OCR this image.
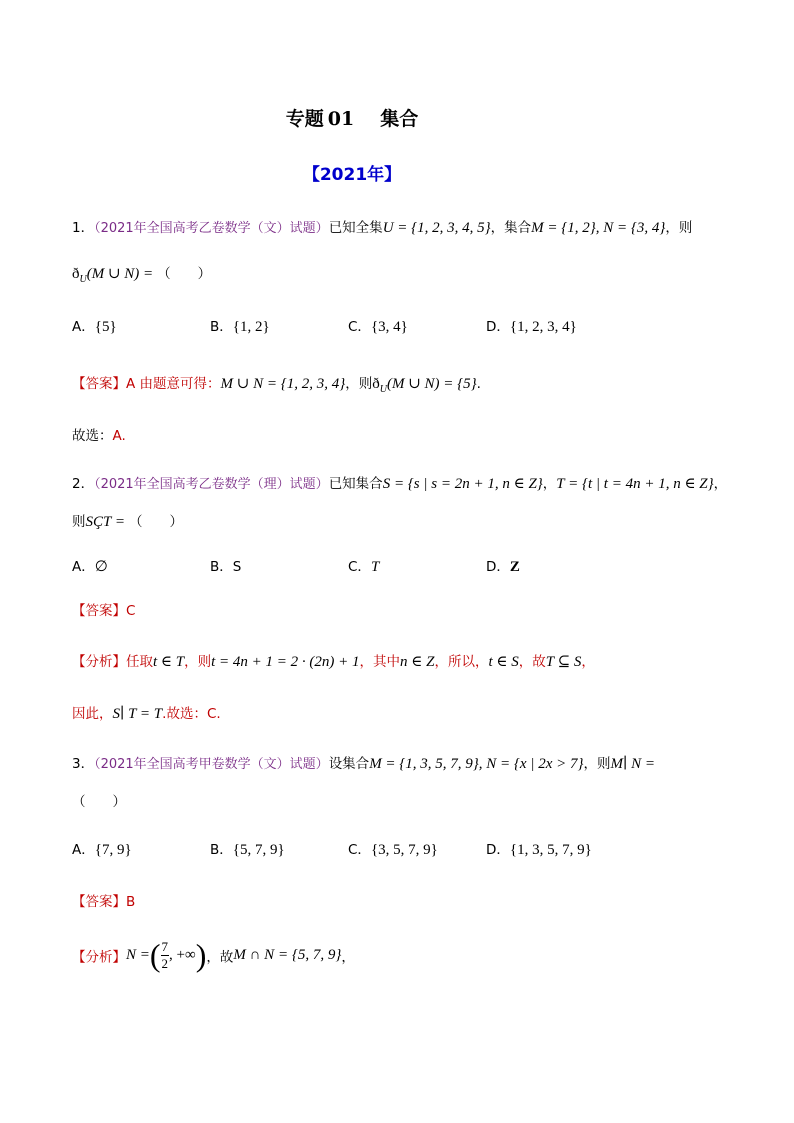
专题 01 集合
【2021年】
1．（2021年全国高考乙卷数学（文）试题）已知全集U = {1, 2, 3, 4, 5}，集合M = {1, 2}, N = {3, 4}，则
$ð_U(M$ ∪ N) = （　　）
A．{5}	B．{1, 2}	C．{3, 4}	D．{1, 2, 3, 4}
【答案】A 由题意可得：M ∪ N = {1, 2, 3, 4}，则$ð_U(M$ ∪ N) = {5}.
故选：A.
2．（2021年全国高考乙卷数学（理）试题）已知集合S = {s | s = 2n + 1, n ∈ Z}，T = {t | t = 4n + 1, n ∈ Z}，
则SÇT = （　　）
A．∅	B．S	C．T	D．Z
【答案】C
【分析】任取t ∈ T，则t = 4n + 1 = 2 · (2n) + 1，其中n ∈ Z，所以，t ∈ S，故T ⊆ S，
因此，S∣ T = T.故选：C.
3．（2021年全国高考甲卷数学（文）试题）设集合M = {1, 3, 5, 7, 9}, N = {x | 2x > 7}，则M∣ N =
（　　）
A．{7, 9}	B．{5, 7, 9}	C．{3, 5, 7, 9}	D．{1, 3, 5, 7, 9}
【答案】B
【分析】N =( $\frac{7}{2}$, +∞)，故M ∩ N = {5, 7, 9}，
